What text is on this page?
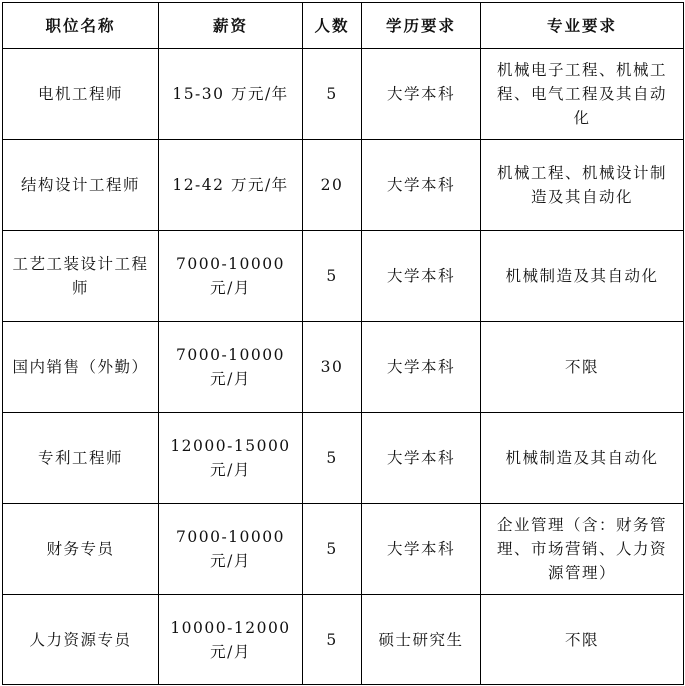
职位名称	薪资	人数	学历要求	专业要求
电机工程师	15-30 万元/年	5	大学本科	机械电子工程、机械工程、电气工程及其自动化
结构设计工程师	12-42 万元/年	20	大学本科	机械工程、机械设计制造及其自动化
工艺工装设计工程师	7000-10000 元/月	5	大学本科	机械制造及其自动化
国内销售（外勤）	7000-10000 元/月	30	大学本科	不限
专利工程师	12000-15000 元/月	5	大学本科	机械制造及其自动化
财务专员	7000-10000 元/月	5	大学本科	企业管理（含：财务管理、市场营销、人力资源管理）
人力资源专员	10000-12000 元/月	5	硕士研究生	不限
